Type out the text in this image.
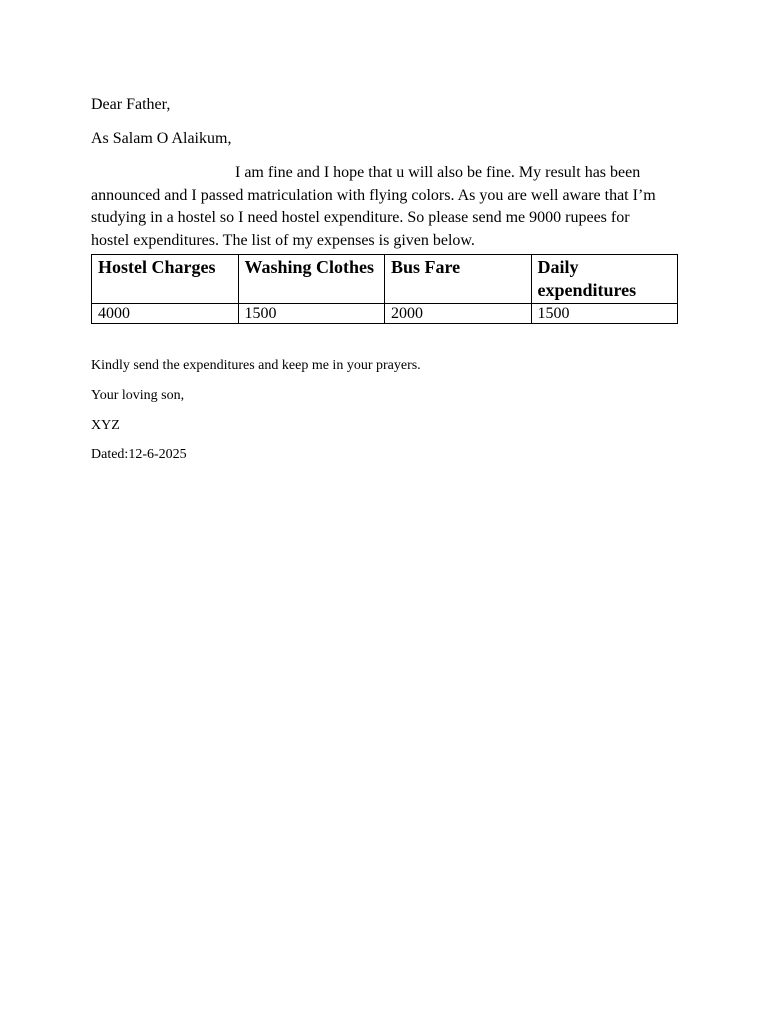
Dear Father,

As Salam O Alaikum,

I am fine and I hope that u will also be fine. My result has been announced and I passed matriculation with flying colors. As you are well aware that I’m studying in a hostel so I need hostel expenditure. So please send me 9000 rupees for hostel expenditures. The list of my expenses is given below.

Hostel Charges	Washing Clothes	Bus Fare	Daily expenditures
4000	1500	2000	1500

Kindly send the expenditures and keep me in your prayers.

Your loving son,

XYZ

Dated:12-6-2025
